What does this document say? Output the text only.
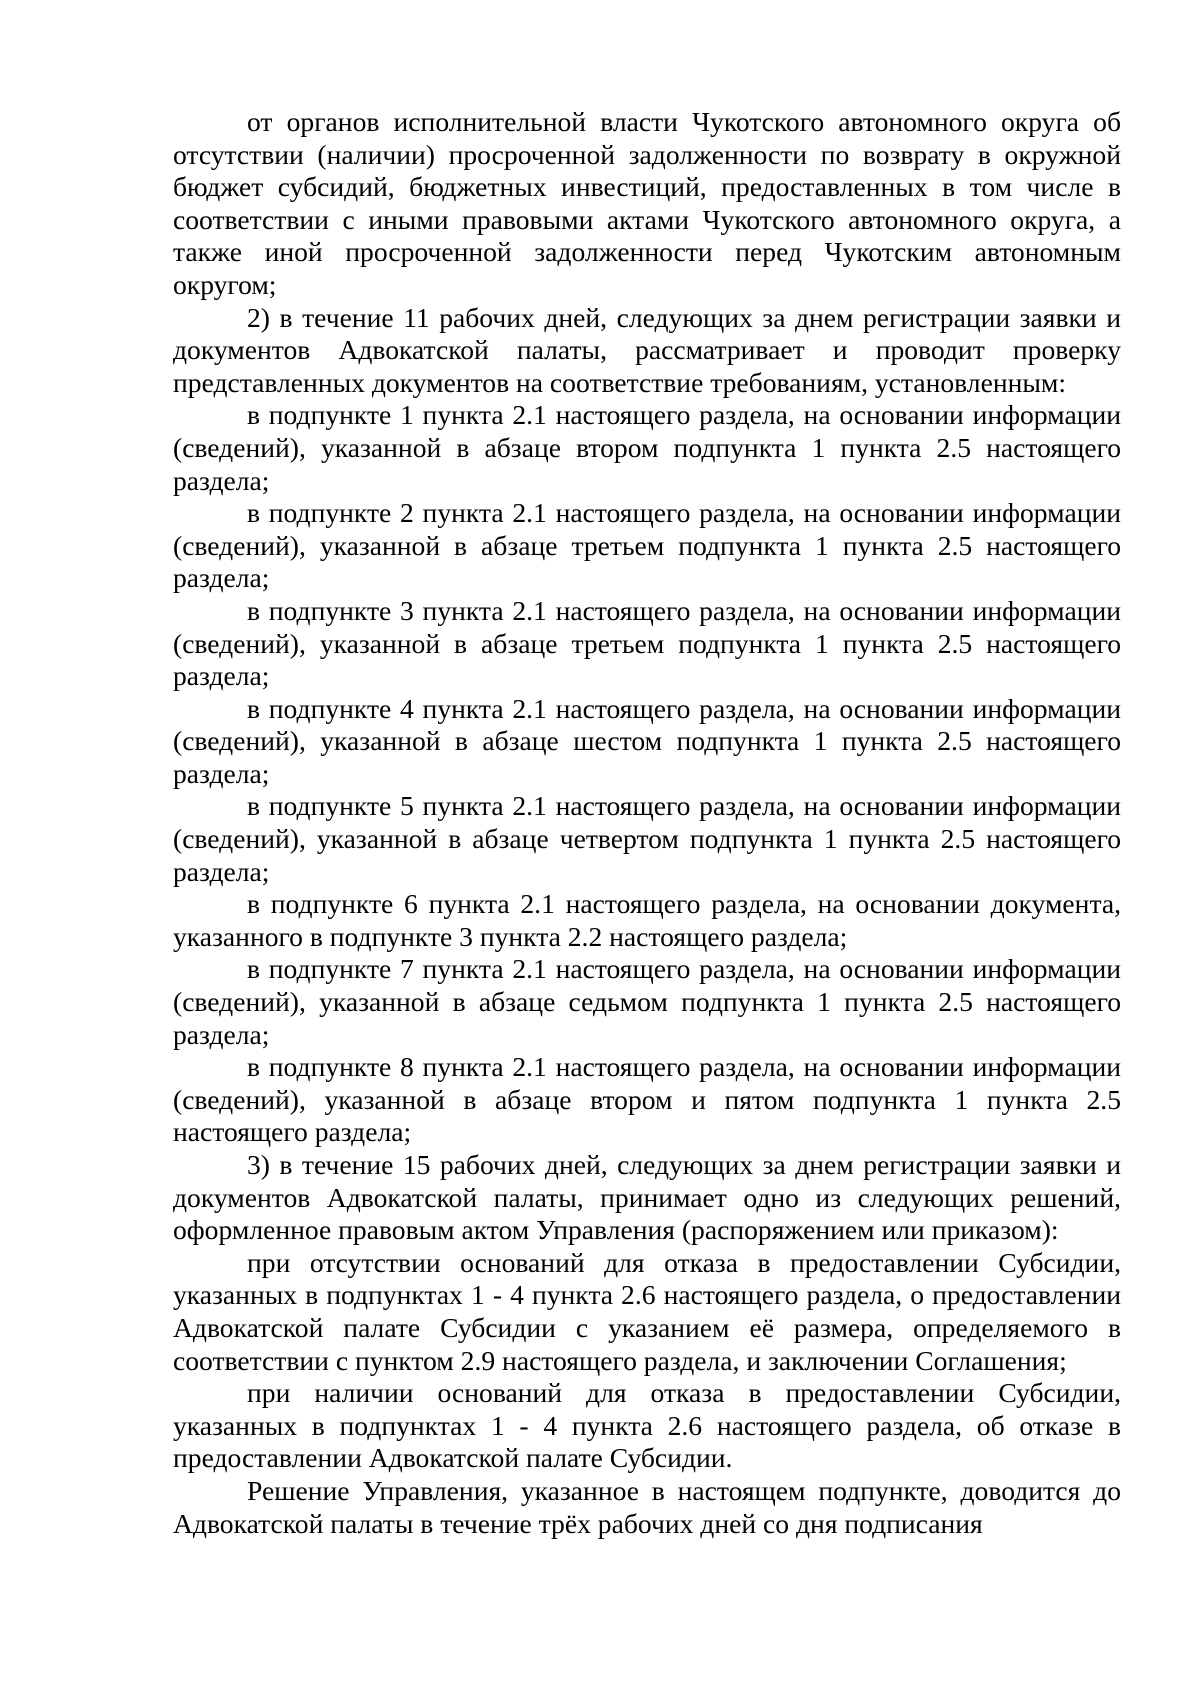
от органов исполнительной власти Чукотского автономного округа об отсутствии (наличии) просроченной задолженности по возврату в окружной бюджет субсидий, бюджетных инвестиций, предоставленных в том числе в соответствии с иными правовыми актами Чукотского автономного округа, а также иной просроченной задолженности перед Чукотским автономным округом;

2) в течение 11 рабочих дней, следующих за днем регистрации заявки и документов Адвокатской палаты, рассматривает и проводит проверку представленных документов на соответствие требованиям, установленным:

в подпункте 1 пункта 2.1 настоящего раздела, на основании информации (сведений), указанной в абзаце втором подпункта 1 пункта 2.5 настоящего раздела;

в подпункте 2 пункта 2.1 настоящего раздела, на основании информации (сведений), указанной в абзаце третьем подпункта 1 пункта 2.5 настоящего раздела;

в подпункте 3 пункта 2.1 настоящего раздела, на основании информации (сведений), указанной в абзаце третьем подпункта 1 пункта 2.5 настоящего раздела;

в подпункте 4 пункта 2.1 настоящего раздела, на основании информации (сведений), указанной в абзаце шестом подпункта 1 пункта 2.5 настоящего раздела;

в подпункте 5 пункта 2.1 настоящего раздела, на основании информации (сведений), указанной в абзаце четвертом подпункта 1 пункта 2.5 настоящего раздела;

в подпункте 6 пункта 2.1 настоящего раздела, на основании документа, указанного в подпункте 3 пункта 2.2 настоящего раздела;

в подпункте 7 пункта 2.1 настоящего раздела, на основании информации (сведений), указанной в абзаце седьмом подпункта 1 пункта 2.5 настоящего раздела;

в подпункте 8 пункта 2.1 настоящего раздела, на основании информации (сведений), указанной в абзаце втором и пятом подпункта 1 пункта 2.5 настоящего раздела;

3) в течение 15 рабочих дней, следующих за днем регистрации заявки и документов Адвокатской палаты, принимает одно из следующих решений, оформленное правовым актом Управления (распоряжением или приказом):

при отсутствии оснований для отказа в предоставлении Субсидии, указанных в подпунктах 1 - 4 пункта 2.6 настоящего раздела, о предоставлении Адвокатской палате Субсидии с указанием её размера, определяемого в соответствии с пунктом 2.9 настоящего раздела, и заключении Соглашения;

при наличии оснований для отказа в предоставлении Субсидии, указанных в подпунктах 1 - 4 пункта 2.6 настоящего раздела, об отказе в предоставлении Адвокатской палате Субсидии.

Решение Управления, указанное в настоящем подпункте, доводится до Адвокатской палаты в течение трёх рабочих дней со дня подписания
